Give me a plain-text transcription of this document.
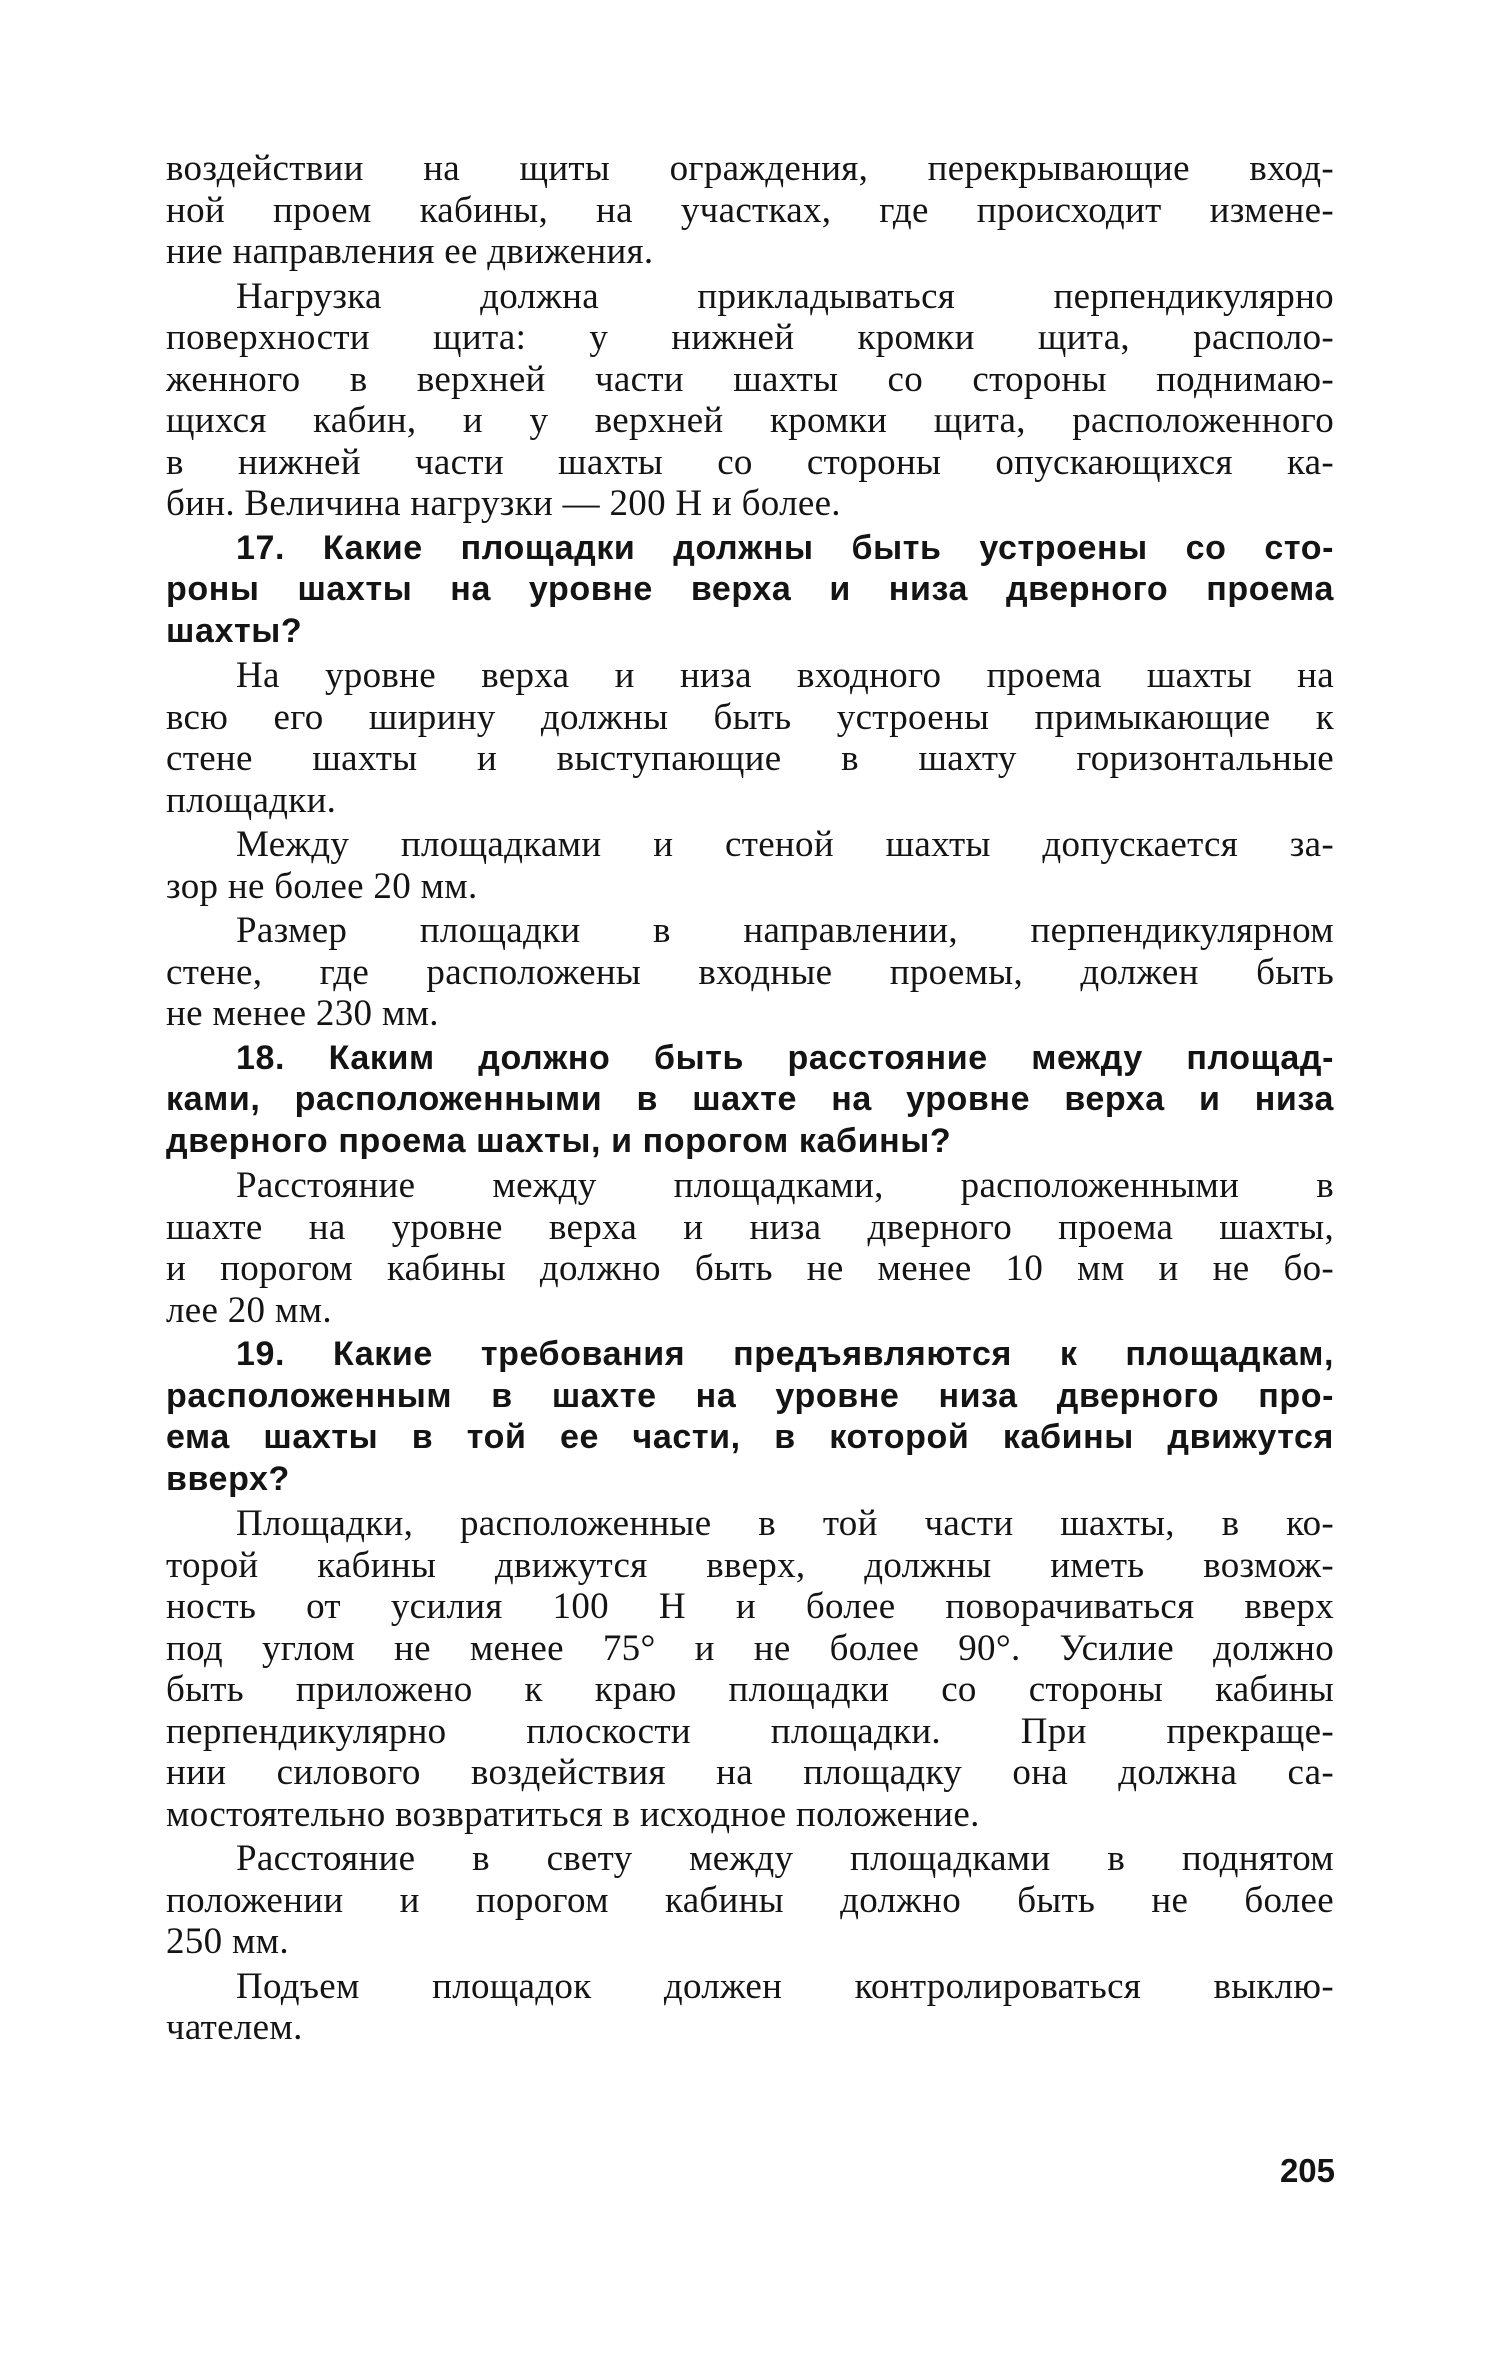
воздействии на щиты ограждения, перекрывающие вход-
ной проем кабины, на участках, где происходит измене-
ние направления ее движения.
Нагрузка должна прикладываться перпендикулярно
поверхности щита: у нижней кромки щита, располо-
женного в верхней части шахты со стороны поднимаю-
щихся кабин, и у верхней кромки щита, расположенного
в нижней части шахты со стороны опускающихся ка-
бин. Величина нагрузки — 200 Н и более.
17. Какие площадки должны быть устроены со сто-
роны шахты на уровне верха и низа дверного проема
шахты?
На уровне верха и низа входного проема шахты на
всю его ширину должны быть устроены примыкающие к
стене шахты и выступающие в шахту горизонтальные
площадки.
Между площадками и стеной шахты допускается за-
зор не более 20 мм.
Размер площадки в направлении, перпендикулярном
стене, где расположены входные проемы, должен быть
не менее 230 мм.
18. Каким должно быть расстояние между площад-
ками, расположенными в шахте на уровне верха и низа
дверного проема шахты, и порогом кабины?
Расстояние между площадками, расположенными в
шахте на уровне верха и низа дверного проема шахты,
и порогом кабины должно быть не менее 10 мм и не бо-
лее 20 мм.
19. Какие требования предъявляются к площадкам,
расположенным в шахте на уровне низа дверного про-
ема шахты в той ее части, в которой кабины движутся
вверх?
Площадки, расположенные в той части шахты, в ко-
торой кабины движутся вверх, должны иметь возмож-
ность от усилия 100 Н и более поворачиваться вверх
под углом не менее 75° и не более 90°. Усилие должно
быть приложено к краю площадки со стороны кабины
перпендикулярно плоскости площадки. При прекраще-
нии силового воздействия на площадку она должна са-
мостоятельно возвратиться в исходное положение.
Расстояние в свету между площадками в поднятом
положении и порогом кабины должно быть не более
250 мм.
Подъем площадок должен контролироваться выклю-
чателем.
205
